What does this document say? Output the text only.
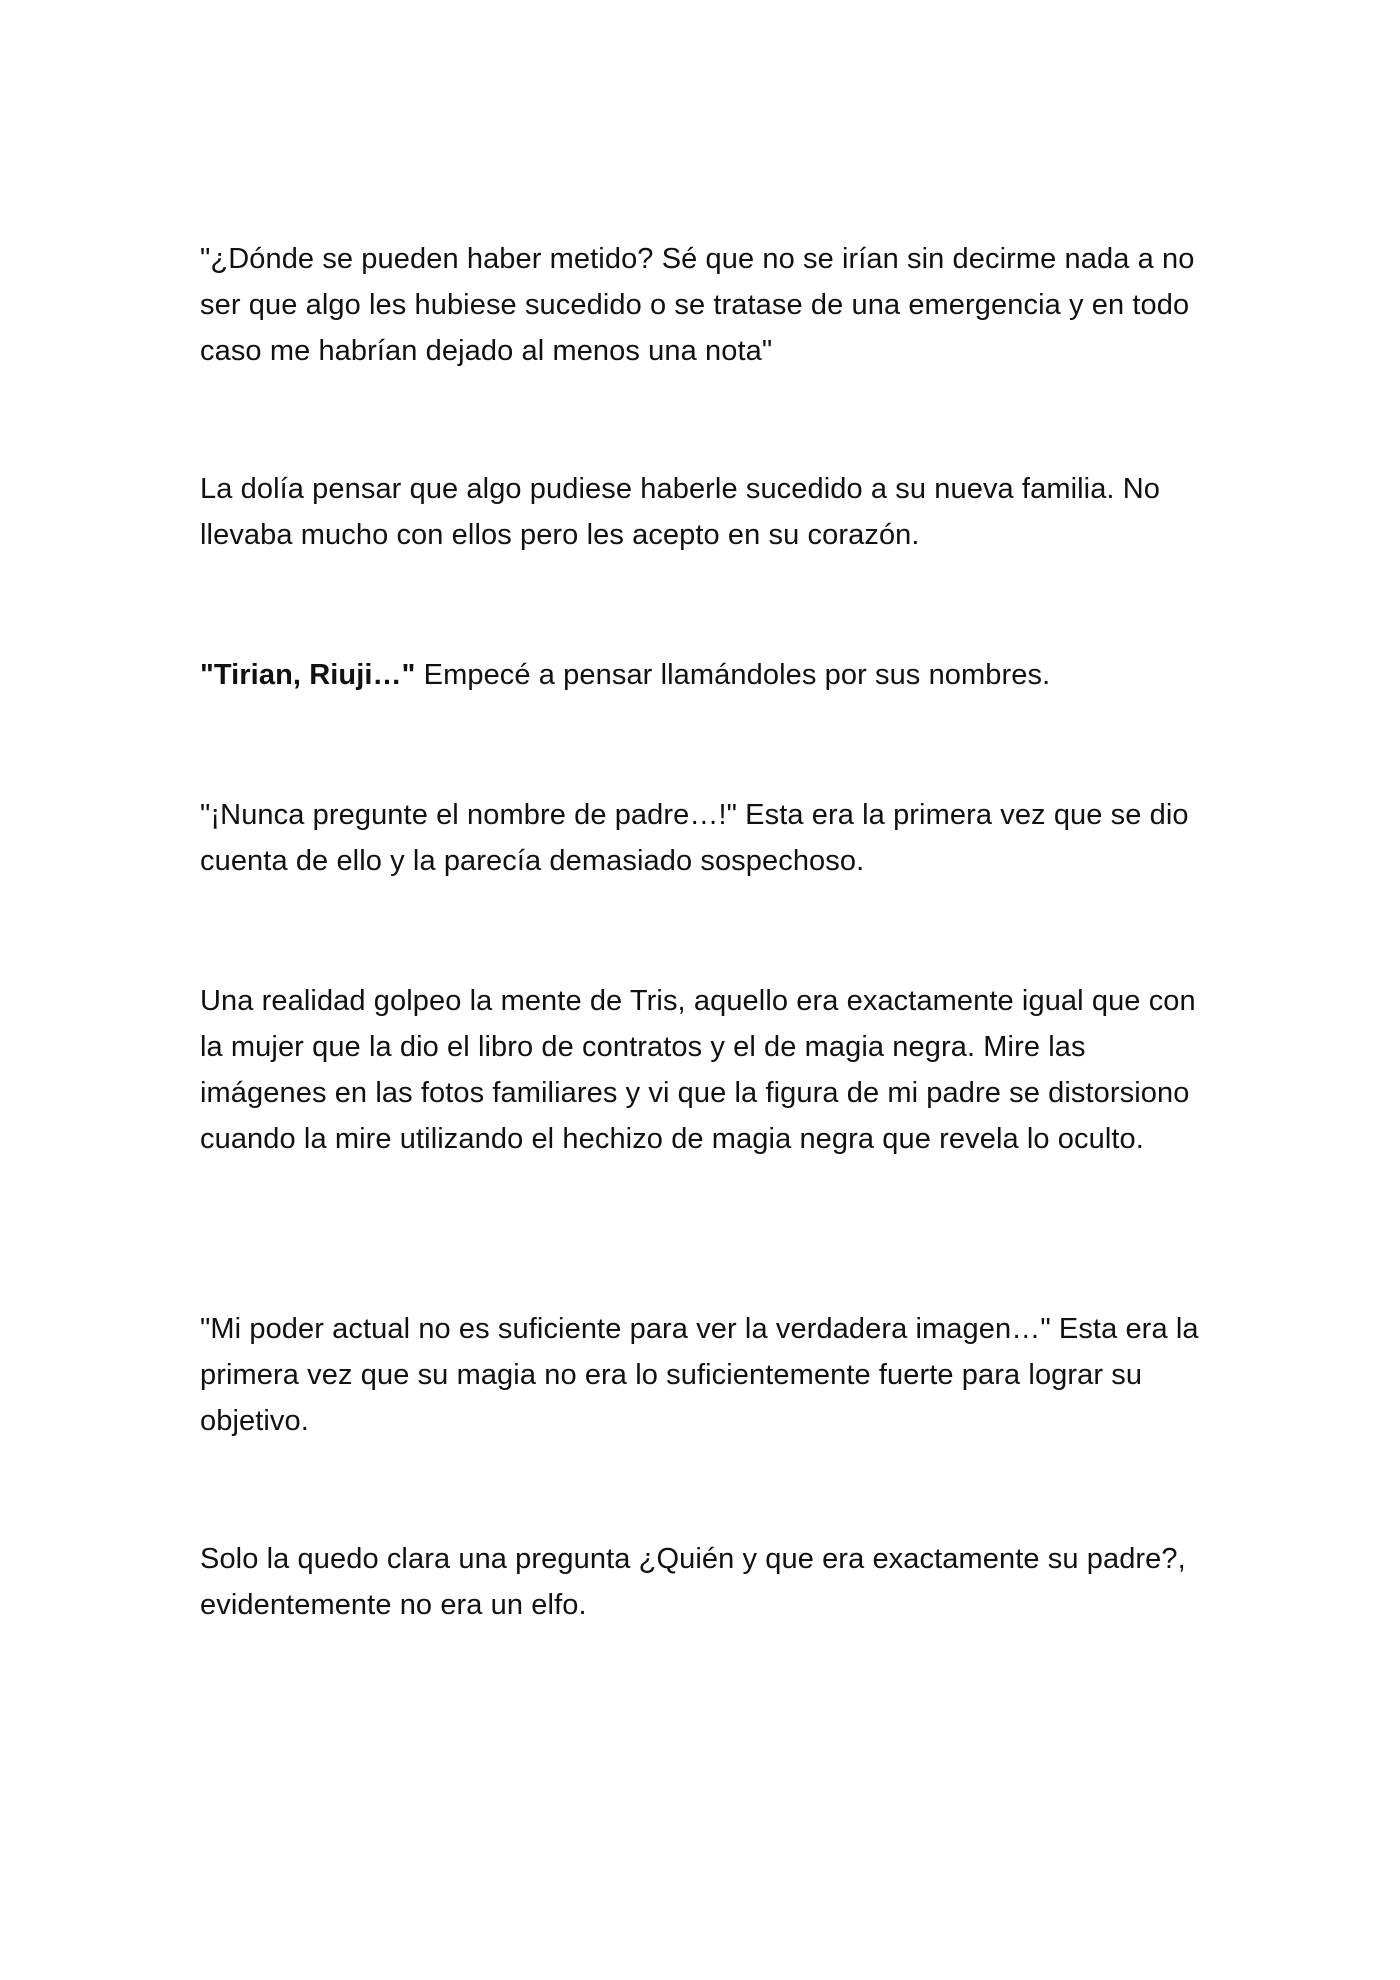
"¿Dónde se pueden haber metido? Sé que no se irían sin decirme nada a no ser que algo les hubiese sucedido o se tratase de una emergencia y en todo caso me habrían dejado al menos una nota"

La dolía pensar que algo pudiese haberle sucedido a su nueva familia. No llevaba mucho con ellos pero les acepto en su corazón.

"Tirian, Riuji…" Empecé a pensar llamándoles por sus nombres.

"¡Nunca pregunte el nombre de padre…!" Esta era la primera vez que se dio cuenta de ello y la parecía demasiado sospechoso.

Una realidad golpeo la mente de Tris, aquello era exactamente igual que con la mujer que la dio el libro de contratos y el de magia negra. Mire las imágenes en las fotos familiares y vi que la figura de mi padre se distorsiono cuando la mire utilizando el hechizo de magia negra que revela lo oculto.

"Mi poder actual no es suficiente para ver la verdadera imagen…" Esta era la primera vez que su magia no era lo suficientemente fuerte para lograr su objetivo.

Solo la quedo clara una pregunta ¿Quién y que era exactamente su padre?, evidentemente no era un elfo.
